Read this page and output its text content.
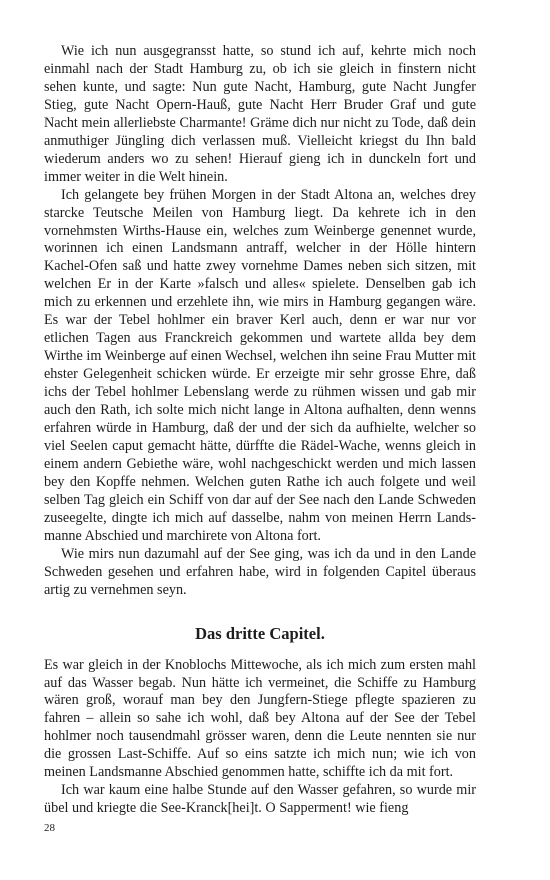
Wie ich nun ausgegransst hatte, so stund ich auf, kehrte mich noch einmahl nach der Stadt Hamburg zu, ob ich sie gleich in finstern nicht sehen kunte, und sagte: Nun gute Nacht, Hamburg, gute Nacht Jungfer Stieg, gute Nacht Opern-Hauß, gute Nacht Herr Bruder Graf und gute Nacht mein allerliebste Charmante! Gräme dich nur nicht zu Tode, daß dein anmuthiger Jüngling dich verlassen muß. Vielleicht kriegst du Ihn bald wiederum anders wo zu sehen! Hierauf gieng ich in dunckeln fort und immer weiter in die Welt hinein.

Ich gelangete bey frühen Morgen in der Stadt Altona an, welches drey starcke Teutsche Meilen von Hamburg liegt. Da kehrete ich in den vornehmsten Wirths-Hause ein, welches zum Weinberge genennet wurde, worinnen ich einen Landsmann antraff, welcher in der Hölle hintern Kachel-Ofen saß und hatte zwey vornehme Dames neben sich sitzen, mit welchen Er in der Karte »falsch und alles« spielete. Denselben gab ich mich zu erkennen und erzehlete ihn, wie mirs in Hamburg gegangen wäre. Es war der Tebel hohlmer ein braver Kerl auch, denn er war nur vor etlichen Tagen aus Franckreich gekommen und wartete allda bey dem Wirthe im Weinberge auf einen Wechsel, welchen ihn seine Frau Mutter mit ehster Gelegenheit schicken würde. Er erzeigte mir sehr grosse Ehre, daß ichs der Tebel hohlmer Lebenslang werde zu rühmen wissen und gab mir auch den Rath, ich solte mich nicht lange in Altona aufhalten, denn wenns erfahren würde in Hamburg, daß der und der sich da aufhielte, welcher so viel Seelen caput gemacht hätte, dürffte die Rädel-Wache, wenns gleich in einem andern Gebiethe wäre, wohl nachgeschickt werden und mich lassen bey den Kopffe nehmen. Welchen guten Rathe ich auch folgete und weil selben Tag gleich ein Schiff von dar auf der See nach den Lande Schweden zuseegelte, dingte ich mich auf dasselbe, nahm von meinen Herrn Landsmanne Abschied und marchirete von Altona fort.

Wie mirs nun dazumahl auf der See ging, was ich da und in den Lande Schweden gesehen und erfahren habe, wird in folgenden Capitel überaus artig zu vernehmen seyn.

Das dritte Capitel.

Es war gleich in der Knoblochs Mittewoche, als ich mich zum ersten mahl auf das Wasser begab. Nun hätte ich vermeinet, die Schiffe zu Hamburg wären groß, worauf man bey den Jungfern-Stiege pflegte spazieren zu fahren – allein so sahe ich wohl, daß bey Altona auf der See der Tebel hohlmer noch tausendmahl grösser waren, denn die Leute nennten sie nur die grossen Last-Schiffe. Auf so eins satzte ich mich nun; wie ich von meinen Landsmanne Abschied genommen hatte, schiffte ich da mit fort.

Ich war kaum eine halbe Stunde auf den Wasser gefahren, so wurde mir übel und kriegte die See-Kranck[hei]t. O Sapperment! wie fieng

28
